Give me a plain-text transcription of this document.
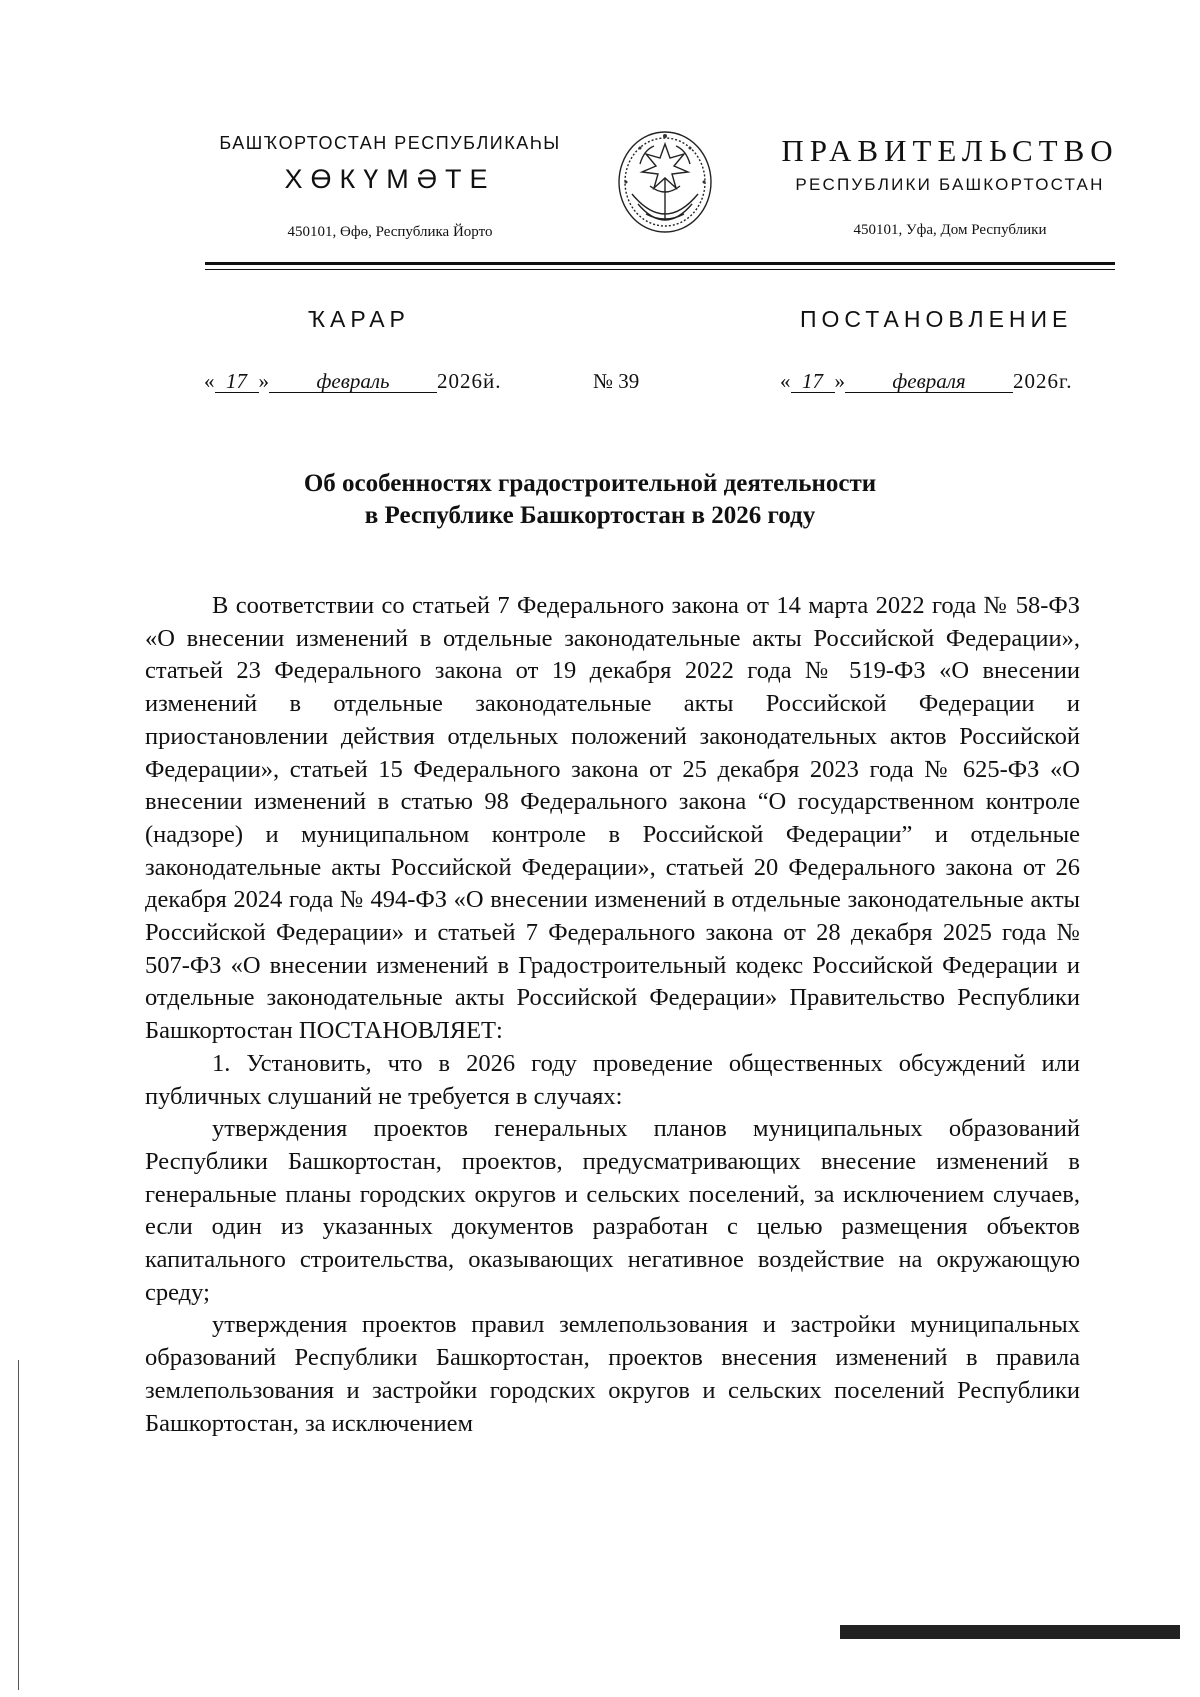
БАШҠОРТОСТАН РЕСПУБЛИКАҺЫ
ХӨКҮМӘТЕ
450101, Өфө, Республика Йорто
ПРАВИТЕЛЬСТВО
РЕСПУБЛИКИ БАШКОРТОСТАН
450101, Уфа, Дом Республики
ҠАРАР	ПОСТАНОВЛЕНИЕ
« 17 » февраль 2026й.	№ 39	« 17 » февраля 2026г.
Об особенностях градостроительной деятельности
в Республике Башкортостан в 2026 году

В соответствии со статьей 7 Федерального закона от 14 марта 2022 года № 58-ФЗ «О внесении изменений в отдельные законодательные акты Российской Федерации», статьей 23 Федерального закона от 19 декабря 2022 года № 519-ФЗ «О внесении изменений в отдельные законодательные акты Российской Федерации и приостановлении действия отдельных положений законодательных актов Российской Федерации», статьей 15 Федерального закона от 25 декабря 2023 года № 625-ФЗ «О внесении изменений в статью 98 Федерального закона “О государственном контроле (надзоре) и муниципальном контроле в Российской Федерации” и отдельные законодательные акты Российской Федерации», статьей 20 Федерального закона от 26 декабря 2024 года № 494-ФЗ «О внесении изменений в отдельные законодательные акты Российской Федерации» и статьей 7 Федерального закона от 28 декабря 2025 года № 507-ФЗ «О внесении изменений в Градостроительный кодекс Российской Федерации и отдельные законодательные акты Российской Федерации» Правительство Республики Башкортостан ПОСТАНОВЛЯЕТ:

1. Установить, что в 2026 году проведение общественных обсуждений или публичных слушаний не требуется в случаях:

утверждения проектов генеральных планов муниципальных образований Республики Башкортостан, проектов, предусматривающих внесение изменений в генеральные планы городских округов и сельских поселений, за исключением случаев, если один из указанных документов разработан с целью размещения объектов капитального строительства, оказывающих негативное воздействие на окружающую среду;

утверждения проектов правил землепользования и застройки муниципальных образований Республики Башкортостан, проектов внесения изменений в правила землепользования и застройки городских округов и сельских поселений Республики Башкортостан, за исключением
